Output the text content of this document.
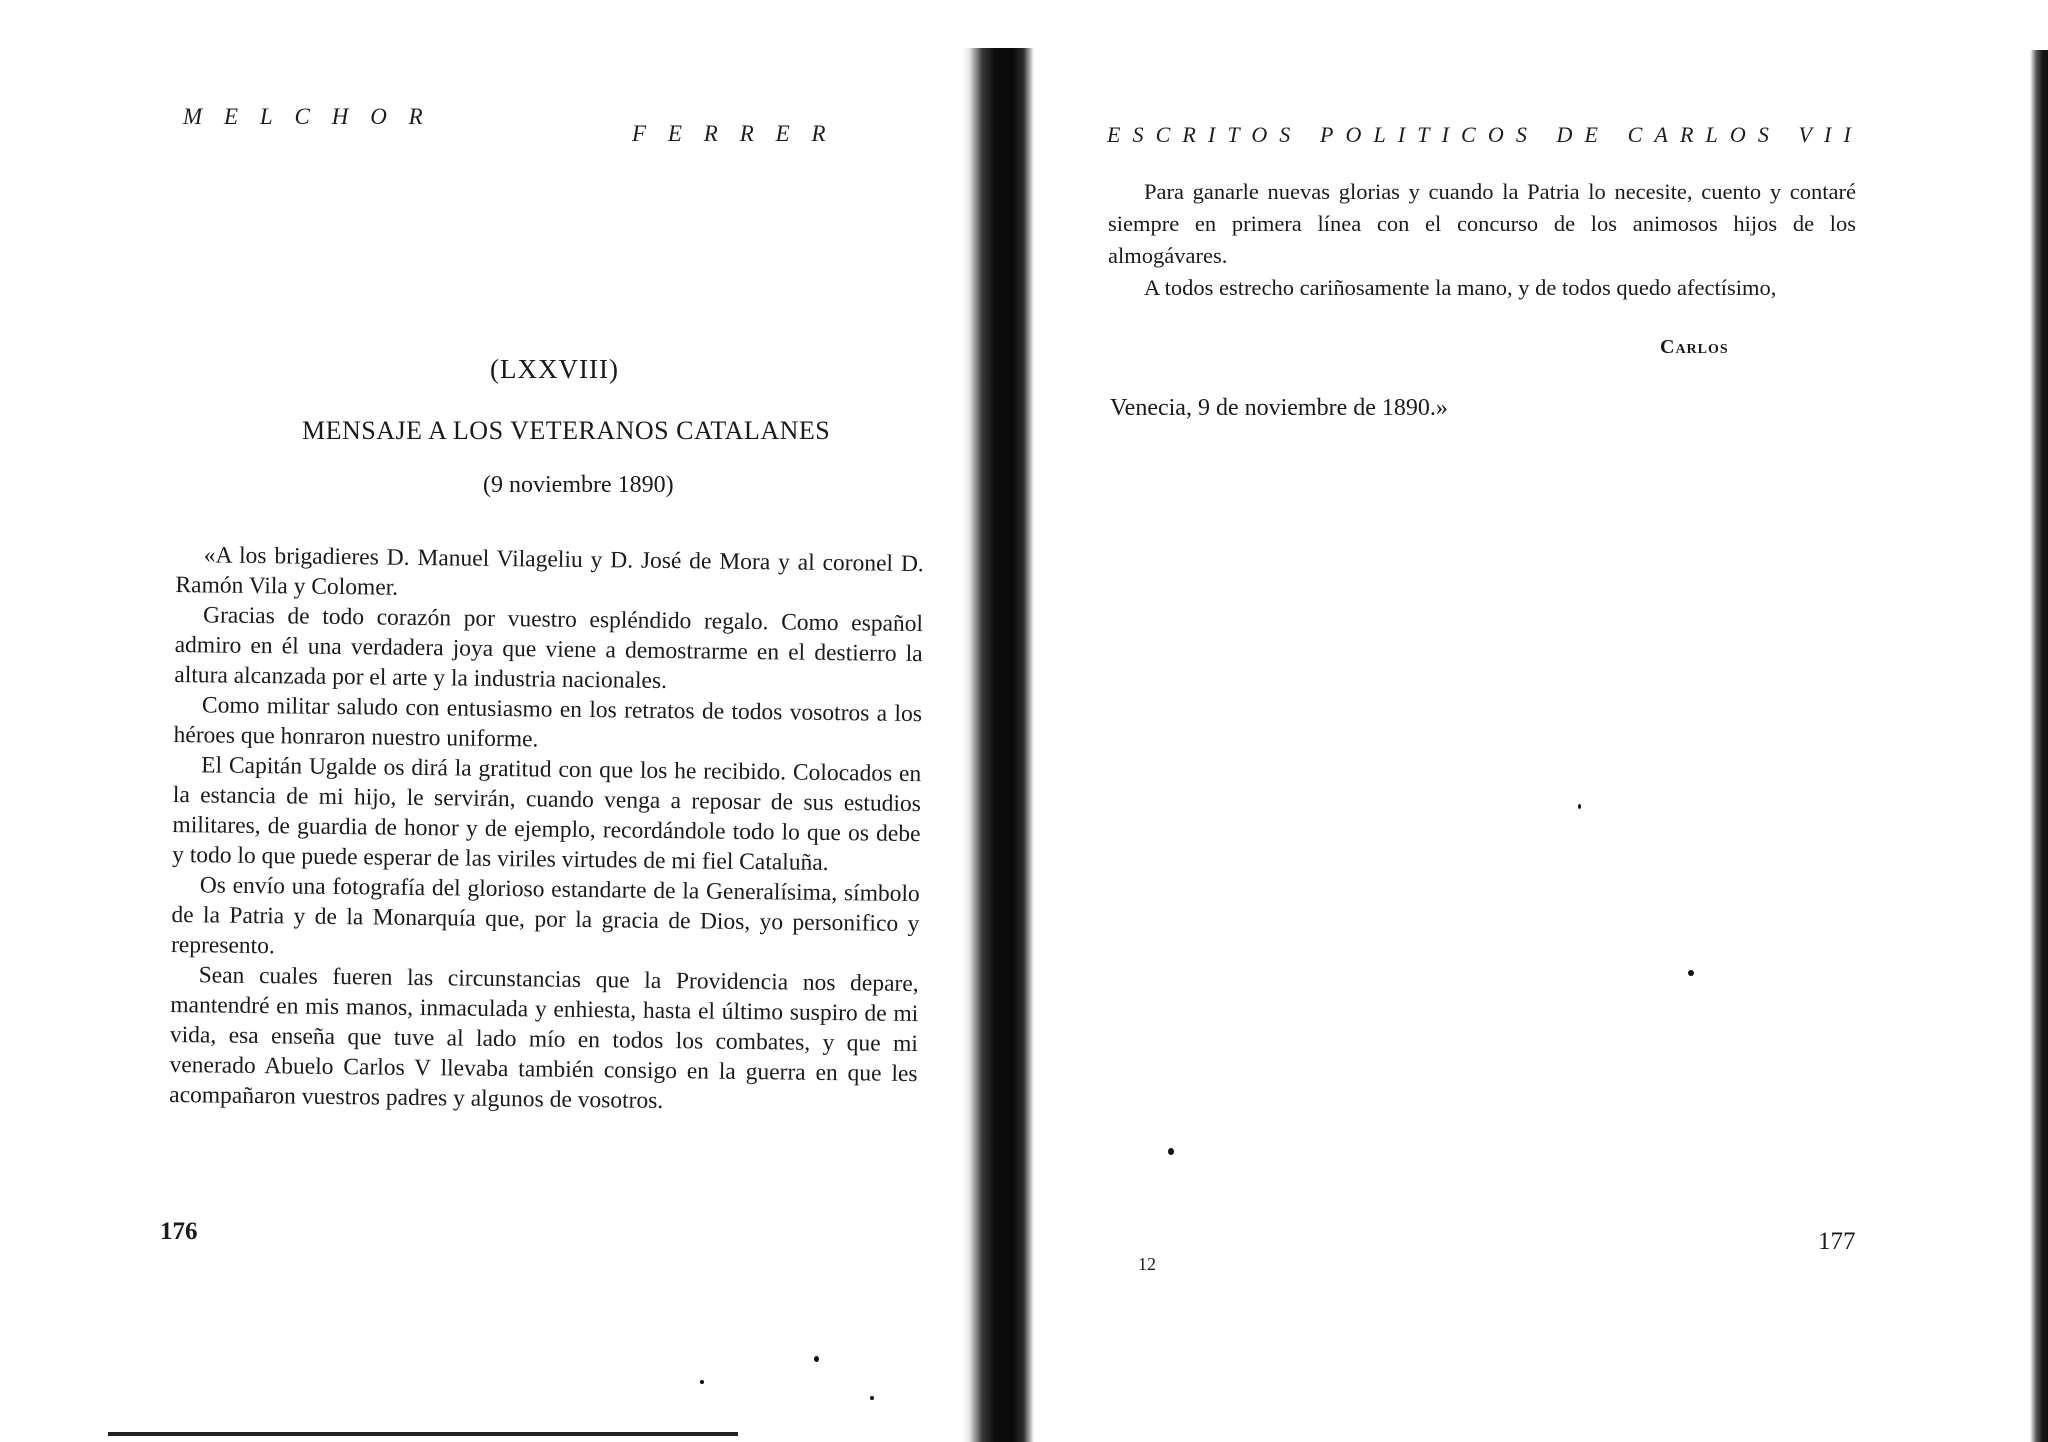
MELCHOR
FERRER
(LXXVIII)
MENSAJE A LOS VETERANOS CATALANES
(9 noviembre 1890)

«A los brigadieres D. Manuel Vilageliu y D. José de Mora y al coronel D. Ramón Vila y Colomer.

Gracias de todo corazón por vuestro espléndido regalo. Como español admiro en él una verdadera joya que viene a demostrarme en el destierro la altura alcanzada por el arte y la industria nacionales.

Como militar saludo con entusiasmo en los retratos de todos vosotros a los héroes que honraron nuestro uniforme.

El Capitán Ugalde os dirá la gratitud con que los he recibido. Colocados en la estancia de mi hijo, le servirán, cuando venga a reposar de sus estudios militares, de guardia de honor y de ejemplo, recordándole todo lo que os debe y todo lo que puede esperar de las viriles virtudes de mi fiel Cataluña.

Os envío una fotografía del glorioso estandarte de la Generalísima, símbolo de la Patria y de la Monarquía que, por la gracia de Dios, yo personifico y represento.

Sean cuales fueren las circunstancias que la Providencia nos depare, mantendré en mis manos, inmaculada y enhiesta, hasta el último suspiro de mi vida, esa enseña que tuve al lado mío en todos los combates, y que mi venerado Abuelo Carlos V llevaba también consigo en la guerra en que les acompañaron vuestros padres y algunos de vosotros.

176
ESCRITOS POLITICOS DE CARLOS VII

Para ganarle nuevas glorias y cuando la Patria lo necesite, cuento y contaré siempre en primera línea con el concurso de los animosos hijos de los almogávares.

A todos estrecho cariñosamente la mano, y de todos quedo afectísimo,

Carlos
Venecia, 9 de noviembre de 1890.»
12
177
